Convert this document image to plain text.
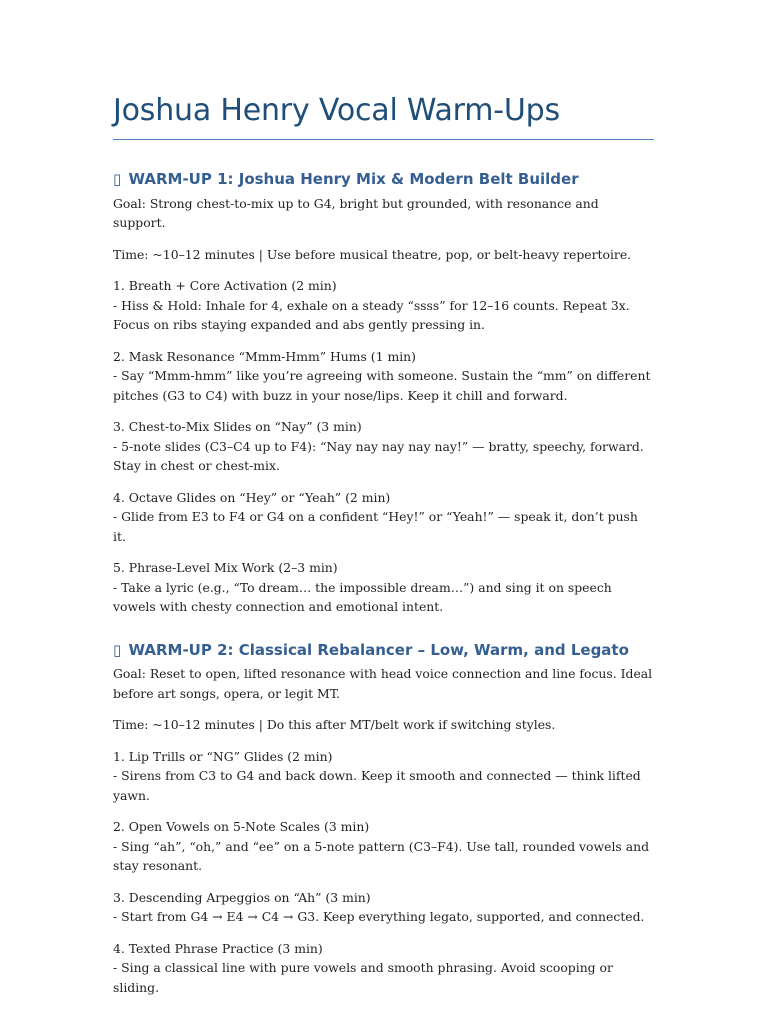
Joshua Henry Vocal Warm-Ups
▯ WARM-UP 1: Joshua Henry Mix & Modern Belt Builder

Goal: Strong chest-to-mix up to G4, bright but grounded, with resonance and support.

Time: ~10–12 minutes | Use before musical theatre, pop, or belt-heavy repertoire.

1. Breath + Core Activation (2 min)

- Hiss & Hold: Inhale for 4, exhale on a steady “ssss” for 12–16 counts. Repeat 3x. Focus on ribs staying expanded and abs gently pressing in.

2. Mask Resonance “Mmm-Hmm” Hums (1 min)

- Say “Mmm-hmm” like you’re agreeing with someone. Sustain the “mm” on different pitches (G3 to C4) with buzz in your nose/lips. Keep it chill and forward.

3. Chest-to-Mix Slides on “Nay” (3 min)

- 5-note slides (C3–C4 up to F4): “Nay nay nay nay nay!” — bratty, speechy, forward. Stay in chest or chest-mix.

4. Octave Glides on “Hey” or “Yeah” (2 min)

- Glide from E3 to F4 or G4 on a confident “Hey!” or “Yeah!” — speak it, don’t push it.

5. Phrase-Level Mix Work (2–3 min)

- Take a lyric (e.g., “To dream… the impossible dream…”) and sing it on speech vowels with chesty connection and emotional intent.

▯ WARM-UP 2: Classical Rebalancer – Low, Warm, and Legato

Goal: Reset to open, lifted resonance with head voice connection and line focus. Ideal before art songs, opera, or legit MT.

Time: ~10–12 minutes | Do this after MT/belt work if switching styles.

1. Lip Trills or “NG” Glides (2 min)

- Sirens from C3 to G4 and back down. Keep it smooth and connected — think lifted yawn.

2. Open Vowels on 5-Note Scales (3 min)

- Sing “ah”, “oh,” and “ee” on a 5-note pattern (C3–F4). Use tall, rounded vowels and stay resonant.

3. Descending Arpeggios on “Ah” (3 min)

- Start from G4 → E4 → C4 → G3. Keep everything legato, supported, and connected.

4. Texted Phrase Practice (3 min)

- Sing a classical line with pure vowels and smooth phrasing. Avoid scooping or sliding.
